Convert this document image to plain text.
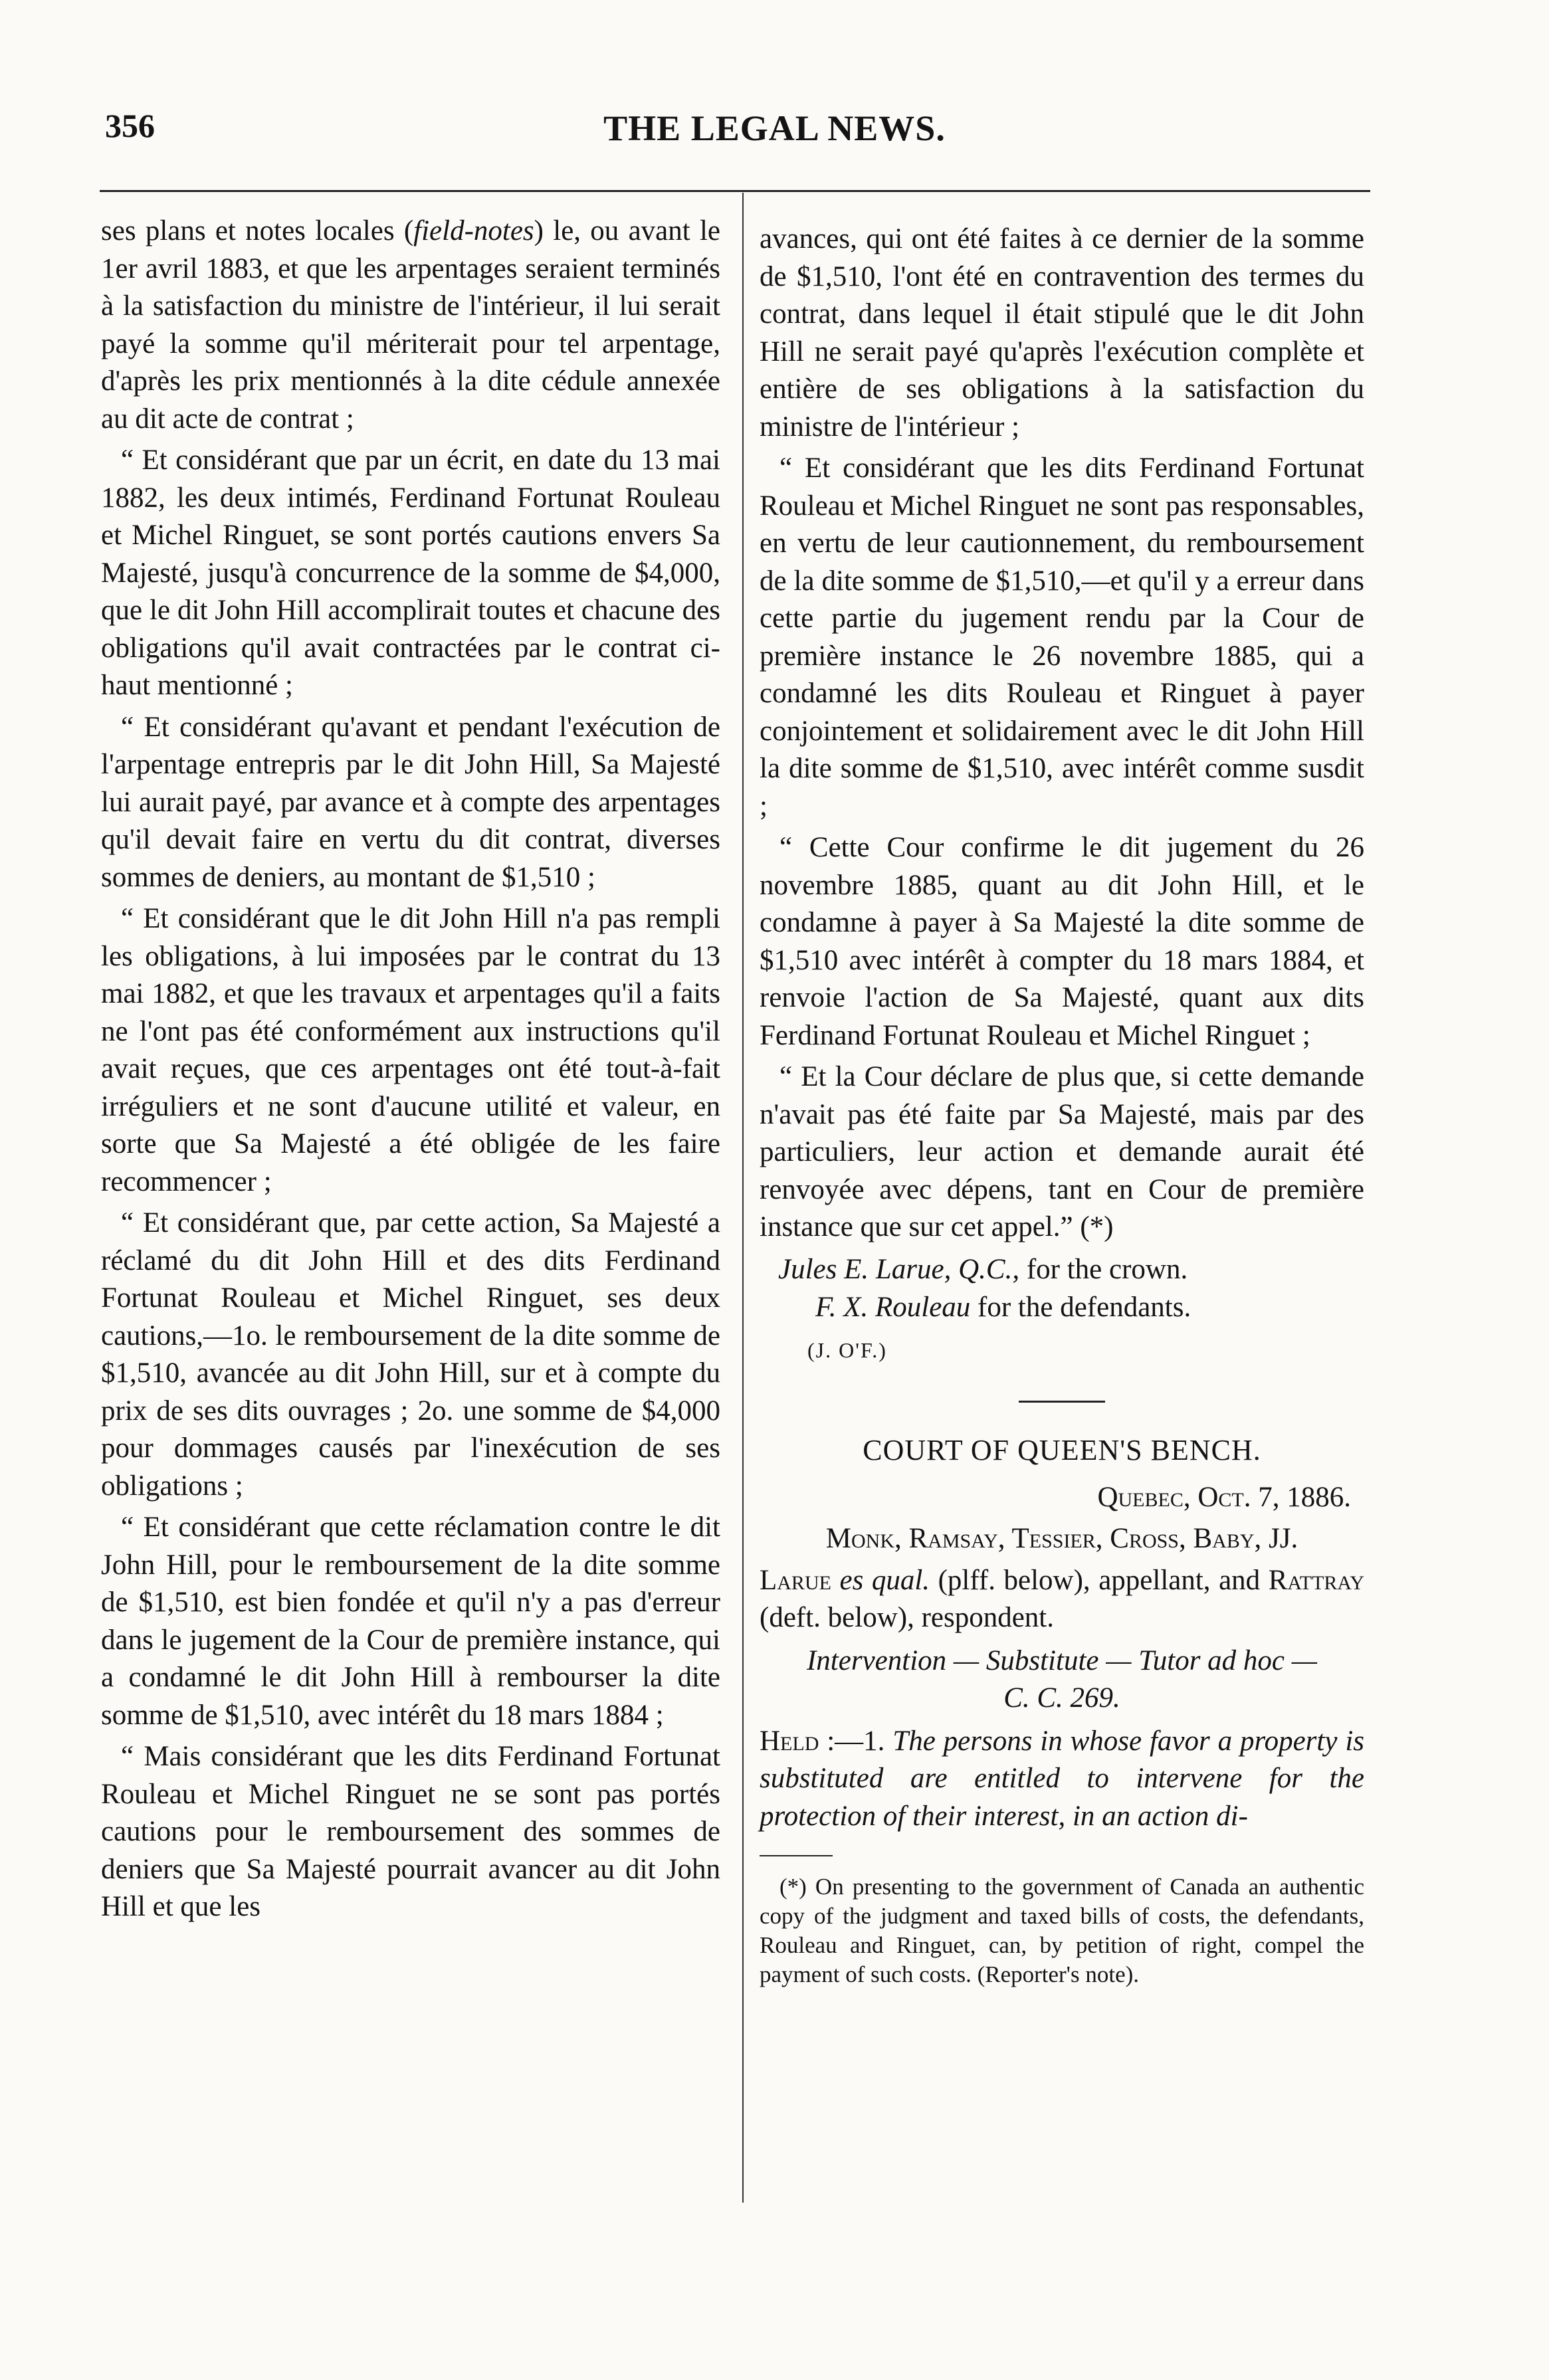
356	THE LEGAL NEWS.

ses plans et notes locales (field-notes) le, ou avant le 1er avril 1883, et que les arpentages seraient terminés à la satisfaction du ministre de l'intérieur, il lui serait payé la somme qu'il mériterait pour tel arpentage, d'après les prix mentionnés à la dite cédule annexée au dit acte de contrat ;

“ Et considérant que par un écrit, en date du 13 mai 1882, les deux intimés, Ferdinand Fortunat Rouleau et Michel Ringuet, se sont portés cautions envers Sa Majesté, jusqu'à concurrence de la somme de $4,000, que le dit John Hill accomplirait toutes et chacune des obligations qu'il avait contractées par le contrat ci-haut mentionné ;

“ Et considérant qu'avant et pendant l'exécution de l'arpentage entrepris par le dit John Hill, Sa Majesté lui aurait payé, par avance et à compte des arpentages qu'il devait faire en vertu du dit contrat, diverses sommes de deniers, au montant de $1,510 ;

“ Et considérant que le dit John Hill n'a pas rempli les obligations, à lui imposées par le contrat du 13 mai 1882, et que les travaux et arpentages qu'il a faits ne l'ont pas été conformément aux instructions qu'il avait reçues, que ces arpentages ont été tout-à-fait irréguliers et ne sont d'aucune utilité et valeur, en sorte que Sa Majesté a été obligée de les faire recommencer ;

“ Et considérant que, par cette action, Sa Majesté a réclamé du dit John Hill et des dits Ferdinand Fortunat Rouleau et Michel Ringuet, ses deux cautions,—1o. le remboursement de la dite somme de $1,510, avancée au dit John Hill, sur et à compte du prix de ses dits ouvrages ; 2o. une somme de $4,000 pour dommages causés par l'inexécution de ses obligations ;

“ Et considérant que cette réclamation contre le dit John Hill, pour le remboursement de la dite somme de $1,510, est bien fondée et qu'il n'y a pas d'erreur dans le jugement de la Cour de première instance, qui a condamné le dit John Hill à rembourser la dite somme de $1,510, avec intérêt du 18 mars 1884 ;

“ Mais considérant que les dits Ferdinand Fortunat Rouleau et Michel Ringuet ne se sont pas portés cautions pour le remboursement des sommes de deniers que Sa Majesté pourrait avancer au dit John Hill et que les

avances, qui ont été faites à ce dernier de la somme de $1,510, l'ont été en contravention des termes du contrat, dans lequel il était stipulé que le dit John Hill ne serait payé qu'après l'exécution complète et entière de ses obligations à la satisfaction du ministre de l'intérieur ;

“ Et considérant que les dits Ferdinand Fortunat Rouleau et Michel Ringuet ne sont pas responsables, en vertu de leur cautionnement, du remboursement de la dite somme de $1,510,—et qu'il y a erreur dans cette partie du jugement rendu par la Cour de première instance le 26 novembre 1885, qui a condamné les dits Rouleau et Ringuet à payer conjointement et solidairement avec le dit John Hill la dite somme de $1,510, avec intérêt comme susdit ;

“ Cette Cour confirme le dit jugement du 26 novembre 1885, quant au dit John Hill, et le condamne à payer à Sa Majesté la dite somme de $1,510 avec intérêt à compter du 18 mars 1884, et renvoie l'action de Sa Majesté, quant aux dits Ferdinand Fortunat Rouleau et Michel Ringuet ;

“ Et la Cour déclare de plus que, si cette demande n'avait pas été faite par Sa Majesté, mais par des particuliers, leur action et demande aurait été renvoyée avec dépens, tant en Cour de première instance que sur cet appel.” (*)

Jules E. Larue, Q.C., for the crown.

F. X. Rouleau for the defendants.

(J. O'F.)

COURT OF QUEEN'S BENCH.

Quebec, Oct. 7, 1886.

Monk, Ramsay, Tessier, Cross, Baby, JJ.

Larue es qual. (plff. below), appellant, and Rattray (deft. below), respondent.

Intervention — Substitute — Tutor ad hoc —
C. C. 269.

Held :—1. The persons in whose favor a property is substituted are entitled to intervene for the protection of their interest, in an action di-

(*) On presenting to the government of Canada an authentic copy of the judgment and taxed bills of costs, the defendants, Rouleau and Ringuet, can, by petition of right, compel the payment of such costs. (Reporter's note).
